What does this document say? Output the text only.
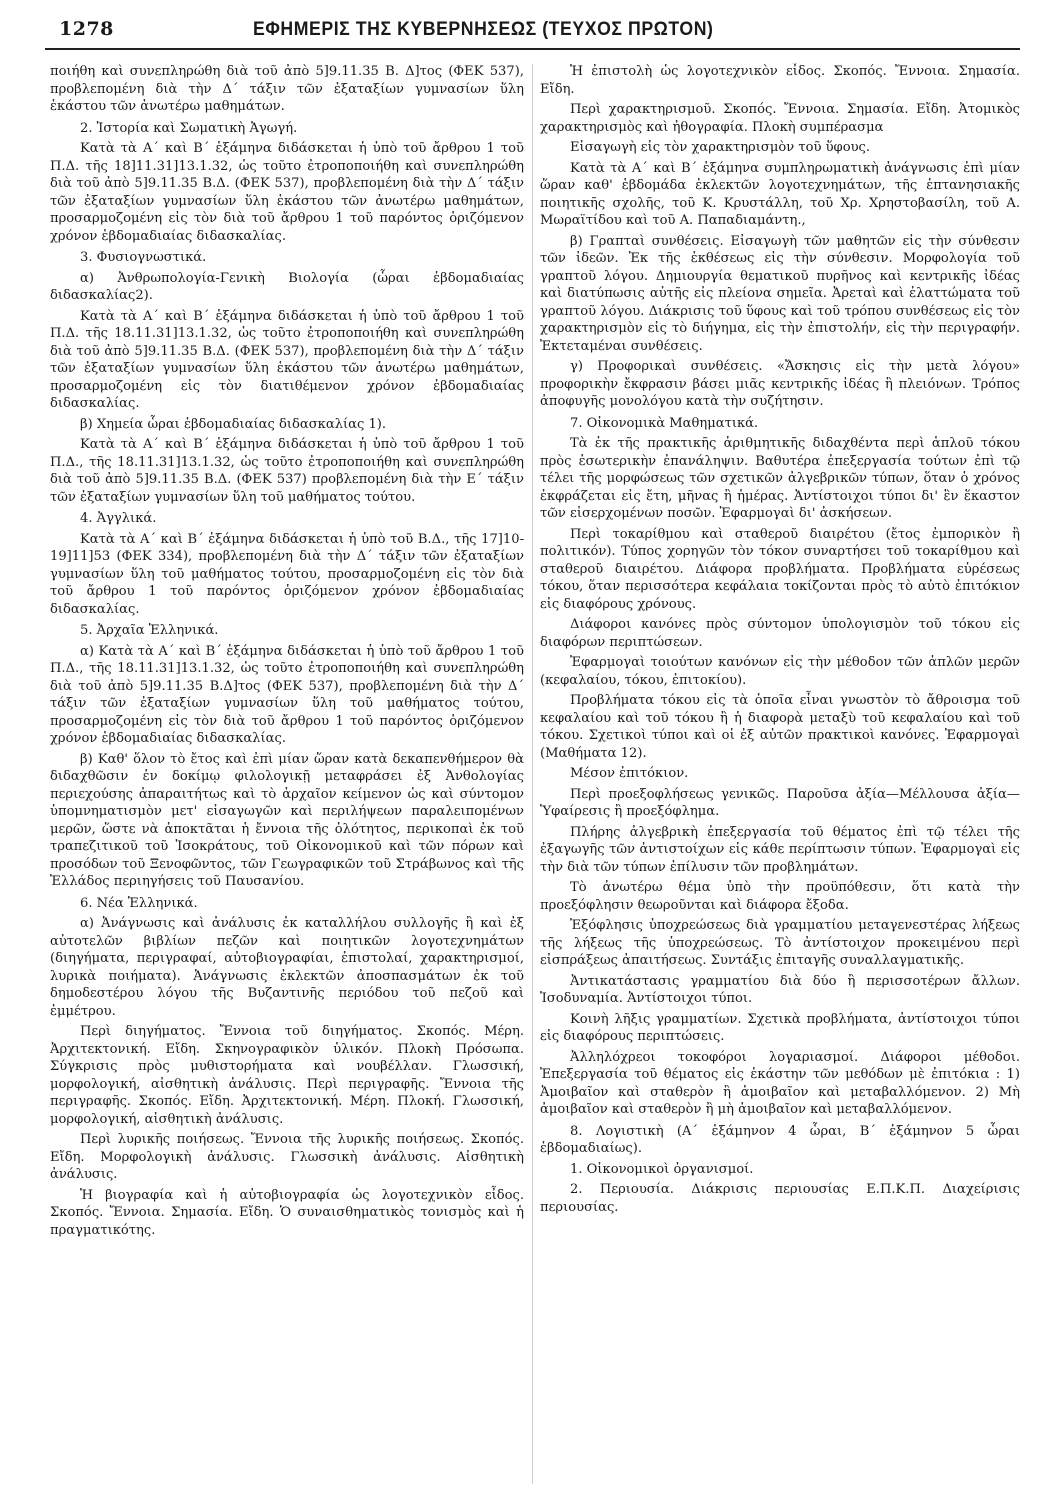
1278	ΕΦΗΜΕΡΙΣ ΤΗΣ ΚΥΒΕΡΝΗΣΕΩΣ (ΤΕΥΧΟΣ ΠΡΩΤΟΝ)

ποιήθη καὶ συνεπληρώθη διὰ τοῦ ἀπὸ 5]9.11.35 Β. Δ]τος (ΦΕΚ 537), προβλεπομένη διὰ τὴν Δ΄ τάξιν τῶν ἐξαταξίων γυμνασίων ὕλη ἑκάστου τῶν ἀνωτέρω μαθημάτων.

2. Ἱστορία καὶ Σωματικὴ Ἀγωγή.

Κατὰ τὰ Α΄ καὶ Β΄ ἑξάμηνα διδάσκεται ἡ ὑπὸ τοῦ ἄρθρου 1 τοῦ Π.Δ. τῆς 18]11.31]13.1.32, ὡς τοῦτο ἐτροποποιήθη καὶ συνεπληρώθη διὰ τοῦ ἀπὸ 5]9.11.35 Β.Δ. (ΦΕΚ 537), προβλεπομένη διὰ τὴν Δ΄ τάξιν τῶν ἐξαταξίων γυμνασίων ὕλη ἑκάστου τῶν ἀνωτέρω μαθημάτων, προσαρμοζομένη εἰς τὸν διὰ τοῦ ἄρθρου 1 τοῦ παρόντος ὁριζόμενον χρόνον ἑβδομαδιαίας διδασκαλίας.

3. Φυσιογνωστικά.

α) Ἀνθρωπολογία-Γενικὴ Βιολογία (ὧραι ἑβδομαδιαίας διδασκαλίας2).

Κατὰ τὰ Α΄ καὶ Β΄ ἑξάμηνα διδάσκεται ἡ ὑπὸ τοῦ ἄρθρου 1 τοῦ Π.Δ. τῆς 18.11.31]13.1.32, ὡς τοῦτο ἐτροποποιήθη καὶ συνεπληρώθη διὰ τοῦ ἀπὸ 5]9.11.35 Β.Δ. (ΦΕΚ 537), προβλεπομένη διὰ τὴν Δ΄ τάξιν τῶν ἐξαταξίων γυμνασίων ὕλη ἑκάστου τῶν ἀνωτέρω μαθημάτων, προσαρμοζομένη εἰς τὸν διατιθέμενον χρόνον ἑβδομαδιαίας διδασκαλίας.

β) Χημεία ὧραι ἑβδομαδιαίας διδασκαλίας 1).

Κατὰ τὰ Α΄ καὶ Β΄ ἑξάμηνα διδάσκεται ἡ ὑπὸ τοῦ ἄρθρου 1 τοῦ Π.Δ., τῆς 18.11.31]13.1.32, ὡς τοῦτο ἐτροποποιήθη καὶ συνεπληρώθη διὰ τοῦ ἀπὸ 5]9.11.35 Β.Δ. (ΦΕΚ 537) προβλεπομένη διὰ τὴν Ε΄ τάξιν τῶν ἐξαταξίων γυμνασίων ὕλη τοῦ μαθήματος τούτου.

4. Ἀγγλικά.

Κατὰ τὰ Α΄ καὶ Β΄ ἑξάμηνα διδάσκεται ἡ ὑπὸ τοῦ Β.Δ., τῆς 17]10-19]11]53 (ΦΕΚ 334), προβλεπομένη διὰ τὴν Δ΄ τάξιν τῶν ἐξαταξίων γυμνασίων ὕλη τοῦ μαθήματος τούτου, προσαρμοζομένη εἰς τὸν διὰ τοῦ ἄρθρου 1 τοῦ παρόντος ὁριζόμενον χρόνον ἑβδομαδιαίας διδασκαλίας.

5. Ἀρχαῖα Ἑλληνικά.

α) Κατὰ τὰ Α΄ καὶ Β΄ ἑξάμηνα διδάσκεται ἡ ὑπὸ τοῦ ἄρθρου 1 τοῦ Π.Δ., τῆς 18.11.31]13.1.32, ὡς τοῦτο ἐτροποποιήθη καὶ συνεπληρώθη διὰ τοῦ ἀπὸ 5]9.11.35 Β.Δ]τος (ΦΕΚ 537), προβλεπομένη διὰ τὴν Δ΄ τάξιν τῶν ἐξαταξίων γυμνασίων ὕλη τοῦ μαθήματος τούτου, προσαρμοζομένη εἰς τὸν διὰ τοῦ ἄρθρου 1 τοῦ παρόντος ὁριζόμενον χρόνον ἑβδομαδιαίας διδασκαλίας.

β) Καθ' ὅλον τὸ ἔτος καὶ ἐπὶ μίαν ὥραν κατὰ δεκαπενθήμερον θὰ διδαχθῶσιν ἐν δοκίμῳ φιλολογικῇ μεταφράσει ἐξ Ἀνθολογίας περιεχούσης ἀπαραιτήτως καὶ τὸ ἀρχαῖον κείμενον ὡς καὶ σύντομον ὑπομνηματισμὸν μετ' εἰσαγωγῶν καὶ περιλήψεων παραλειπομένων μερῶν, ὥστε νὰ ἀποκτᾶται ἡ ἔννοια τῆς ὁλότητος, περικοπαὶ ἐκ τοῦ τραπεζιτικοῦ τοῦ Ἰσοκράτους, τοῦ Οἰκονομικοῦ καὶ τῶν πόρων καὶ προσόδων τοῦ Ξενοφῶντος, τῶν Γεωγραφικῶν τοῦ Στράβωνος καὶ τῆς Ἑλλάδος περιηγήσεις τοῦ Παυσανίου.

6. Νέα Ἑλληνικά.

α) Ἀνάγνωσις καὶ ἀνάλυσις ἐκ καταλλήλου συλλογῆς ἢ καὶ ἐξ αὐτοτελῶν βιβλίων πεζῶν καὶ ποιητικῶν λογοτεχνημάτων (διηγήματα, περιγραφαί, αὐτοβιογραφίαι, ἐπιστολαί, χαρακτηρισμοί, λυρικὰ ποιήματα). Ἀνάγνωσις ἐκλεκτῶν ἀποσπασμάτων ἐκ τοῦ δημοδεστέρου λόγου τῆς Βυζαντινῆς περιόδου τοῦ πεζοῦ καὶ ἐμμέτρου.

Περὶ διηγήματος. Ἔννοια τοῦ διηγήματος. Σκοπός. Μέρη. Ἀρχιτεκτονική. Εἴδη. Σκηνογραφικὸν ὑλικόν. Πλοκὴ Πρόσωπα. Σύγκρισις πρὸς μυθιστορήματα καὶ νουβέλλαν. Γλωσσική, μορφολογική, αἰσθητικὴ ἀνάλυσις. Περὶ περιγραφῆς. Ἔννοια τῆς περιγραφῆς. Σκοπός. Εἴδη. Ἀρχιτεκτονική. Μέρη. Πλοκή. Γλωσσική, μορφολογική, αἰσθητικὴ ἀνάλυσις.

Περὶ λυρικῆς ποιήσεως. Ἔννοια τῆς λυρικῆς ποιήσεως. Σκοπός. Εἴδη. Μορφολογικὴ ἀνάλυσις. Γλωσσικὴ ἀνάλυσις. Αἰσθητικὴ ἀνάλυσις.

Ἡ βιογραφία καὶ ἡ αὐτοβιογραφία ὡς λογοτεχνικὸν εἶδος. Σκοπός. Ἔννοια. Σημασία. Εἴδη. Ὁ συναισθηματικὸς τονισμὸς καὶ ἡ πραγματικότης.

Ἡ ἐπιστολὴ ὡς λογοτεχνικὸν εἶδος. Σκοπός. Ἔννοια. Σημασία. Εἴδη.

Περὶ χαρακτηρισμοῦ. Σκοπός. Ἔννοια. Σημασία. Εἴδη. Ἀτομικὸς χαρακτηρισμὸς καὶ ἠθογραφία. Πλοκὴ συμπέρασμα

Εἰσαγωγὴ εἰς τὸν χαρακτηρισμὸν τοῦ ὕφους.

Κατὰ τὰ Α΄ καὶ Β΄ ἑξάμηνα συμπληρωματικὴ ἀνάγνωσις ἐπὶ μίαν ὥραν καθ' ἑβδομάδα ἐκλεκτῶν λογοτεχνημάτων, τῆς ἑπτανησιακῆς ποιητικῆς σχολῆς, τοῦ Κ. Κρυστάλλη, τοῦ Χρ. Χρηστοβασίλη, τοῦ Α. Μωραϊτίδου καὶ τοῦ Α. Παπαδιαμάντη.,

β) Γραπταὶ συνθέσεις. Εἰσαγωγὴ τῶν μαθητῶν εἰς τὴν σύνθεσιν τῶν ἰδεῶν. Ἐκ τῆς ἐκθέσεως εἰς τὴν σύνθεσιν. Μορφολογία τοῦ γραπτοῦ λόγου. Δημιουργία θεματικοῦ πυρῆνος καὶ κεντρικῆς ἰδέας καὶ διατύπωσις αὐτῆς εἰς πλείονα σημεῖα. Ἀρεταὶ καὶ ἐλαττώματα τοῦ γραπτοῦ λόγου. Διάκρισις τοῦ ὕφους καὶ τοῦ τρόπου συνθέσεως εἰς τὸν χαρακτηρισμὸν εἰς τὸ διήγημα, εἰς τὴν ἐπιστολήν, εἰς τὴν περιγραφήν. Ἐκτεταμέναι συνθέσεις.

γ) Προφορικαὶ συνθέσεις. «Ἄσκησις εἰς τὴν μετὰ λόγου» προφορικὴν ἔκφρασιν βάσει μιᾶς κεντρικῆς ἰδέας ἢ πλειόνων. Τρόπος ἀποφυγῆς μονολόγου κατὰ τὴν συζήτησιν.

7. Οἰκονομικὰ Μαθηματικά.

Τὰ ἐκ τῆς πρακτικῆς ἀριθμητικῆς διδαχθέντα περὶ ἁπλοῦ τόκου πρὸς ἐσωτερικὴν ἐπανάληψιν. Βαθυτέρα ἐπεξεργασία τούτων ἐπὶ τῷ τέλει τῆς μορφώσεως τῶν σχετικῶν ἀλγεβρικῶν τύπων, ὅταν ὁ χρόνος ἐκφράζεται εἰς ἔτη, μῆνας ἢ ἡμέρας. Ἀντίστοιχοι τύποι δι' ἓν ἕκαστον τῶν εἰσερχομένων ποσῶν. Ἐφαρμογαὶ δι' ἀσκήσεων.

Περὶ τοκαρίθμου καὶ σταθεροῦ διαιρέτου (ἔτος ἐμπορικὸν ἢ πολιτικόν). Τύπος χορηγῶν τὸν τόκον συναρτήσει τοῦ τοκαρίθμου καὶ σταθεροῦ διαιρέτου. Διάφορα προβλήματα. Προβλήματα εὑρέσεως τόκου, ὅταν περισσότερα κεφάλαια τοκίζονται πρὸς τὸ αὐτὸ ἐπιτόκιον εἰς διαφόρους χρόνους.

Διάφοροι κανόνες πρὸς σύντομον ὑπολογισμὸν τοῦ τόκου εἰς διαφόρων περιπτώσεων.

Ἐφαρμογαὶ τοιούτων κανόνων εἰς τὴν μέθοδον τῶν ἁπλῶν μερῶν (κεφαλαίου, τόκου, ἐπιτοκίου).

Προβλήματα τόκου εἰς τὰ ὁποῖα εἶναι γνωστὸν τὸ ἄθροισμα τοῦ κεφαλαίου καὶ τοῦ τόκου ἢ ἡ διαφορὰ μεταξὺ τοῦ κεφαλαίου καὶ τοῦ τόκου. Σχετικοὶ τύποι καὶ οἱ ἐξ αὐτῶν πρακτικοὶ κανόνες. Ἐφαρμογαὶ (Μαθήματα 12).

Μέσον ἐπιτόκιον.

Περὶ προεξοφλήσεως γενικῶς. Παροῦσα ἀξία—Μέλλουσα ἀξία— Ὑφαίρεσις ἢ προεξόφλημα.

Πλήρης ἀλγεβρικὴ ἐπεξεργασία τοῦ θέματος ἐπὶ τῷ τέλει τῆς ἐξαγωγῆς τῶν ἀντιστοίχων εἰς κάθε περίπτωσιν τύπων. Ἐφαρμογαὶ εἰς τὴν διὰ τῶν τύπων ἐπίλυσιν τῶν προβλημάτων.

Τὸ ἀνωτέρω θέμα ὑπὸ τὴν προϋπόθεσιν, ὅτι κατὰ τὴν προεξόφλησιν θεωροῦνται καὶ διάφορα ἔξοδα.

Ἐξόφλησις ὑποχρεώσεως διὰ γραμματίου μεταγενεστέρας λήξεως τῆς λήξεως τῆς ὑποχρεώσεως. Τὸ ἀντίστοιχον προκειμένου περὶ εἰσπράξεως ἀπαιτήσεως. Συντάξις ἐπιταγῆς συναλλαγματικῆς.

Ἀντικατάστασις γραμματίου διὰ δύο ἢ περισσοτέρων ἄλλων. Ἰσοδυναμία. Ἀντίστοιχοι τύποι.

Κοινὴ λῆξις γραμματίων. Σχετικὰ προβλήματα, ἀντίστοιχοι τύποι εἰς διαφόρους περιπτώσεις.

Ἀλληλόχρεοι τοκοφόροι λογαριασμοί. Διάφοροι μέθοδοι. Ἐπεξεργασία τοῦ θέματος εἰς ἑκάστην τῶν μεθόδων μὲ ἐπιτόκια : 1) Ἀμοιβαῖον καὶ σταθερὸν ἢ ἀμοιβαῖον καὶ μεταβαλλόμενον. 2) Μὴ ἀμοιβαῖον καὶ σταθερὸν ἢ μὴ ἀμοιβαῖον καὶ μεταβαλλόμενον.

8. Λογιστικὴ (Α΄ ἑξάμηνον 4 ὧραι, Β΄ ἑξάμηνον 5 ὧραι ἑβδομαδιαίως).

1. Οἰκονομικοὶ ὀργανισμοί.

2. Περιουσία. Διάκρισις περιουσίας Ε.Π.Κ.Π. Διαχείρισις περιουσίας.
